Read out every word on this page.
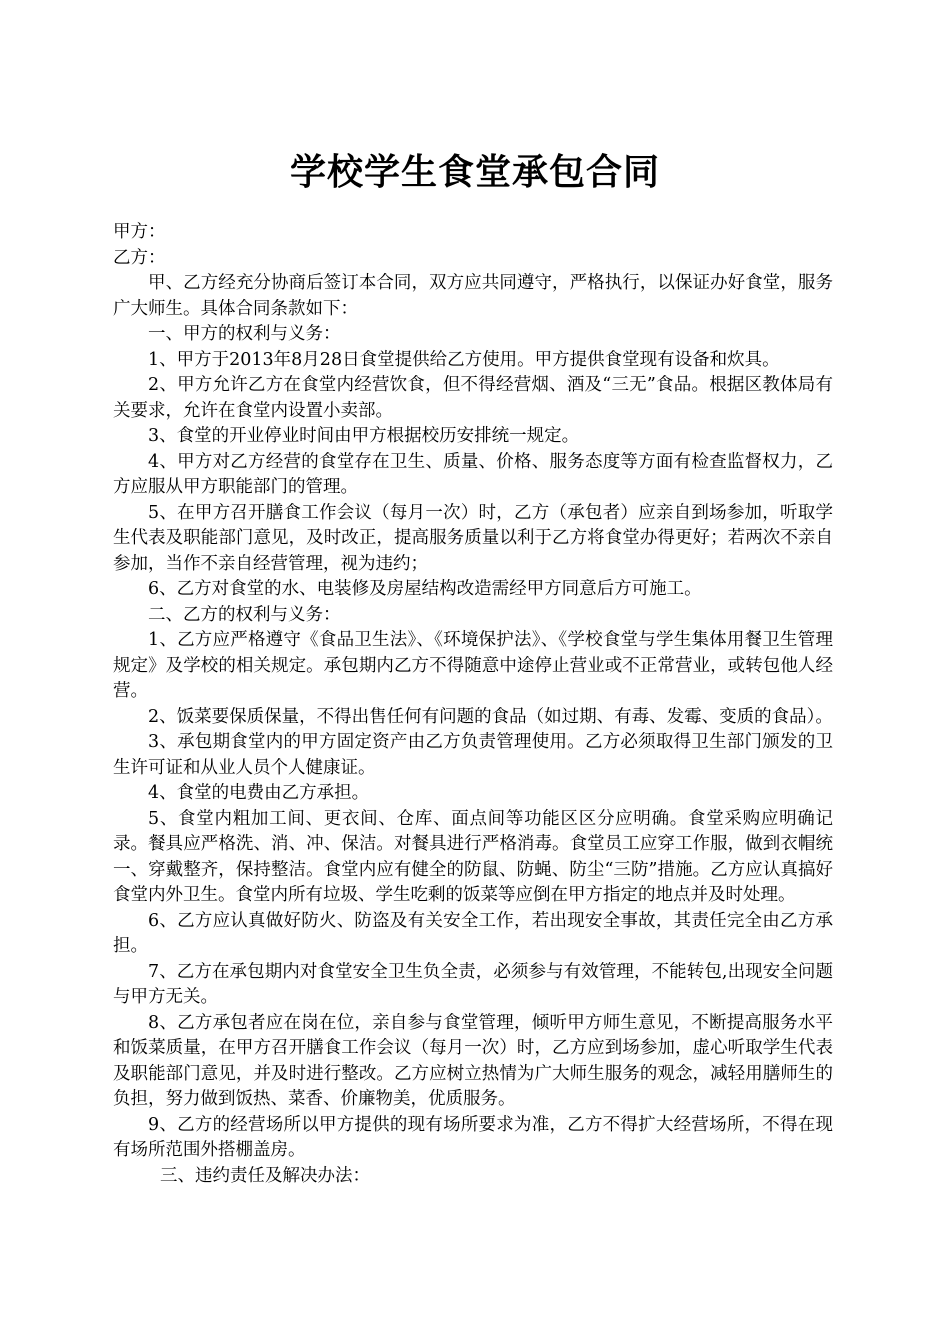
学校学生食堂承包合同

甲方：

乙方：

甲、乙方经充分协商后签订本合同，双方应共同遵守，严格执行，以保证办好食堂，服务广大师生。具体合同条款如下：

一、甲方的权利与义务：

1、甲方于2013年8月28日食堂提供给乙方使用。甲方提供食堂现有设备和炊具。

2、甲方允许乙方在食堂内经营饮食，但不得经营烟、酒及“三无”食品。根据区教体局有关要求，允许在食堂内设置小卖部。

3、食堂的开业停业时间由甲方根据校历安排统一规定。

4、甲方对乙方经营的食堂存在卫生、质量、价格、服务态度等方面有检查监督权力，乙方应服从甲方职能部门的管理。

5、在甲方召开膳食工作会议（每月一次）时，乙方（承包者）应亲自到场参加，听取学生代表及职能部门意见，及时改正，提高服务质量以利于乙方将食堂办得更好；若两次不亲自参加，当作不亲自经营管理，视为违约；

6、乙方对食堂的水、电装修及房屋结构改造需经甲方同意后方可施工。

二、乙方的权利与义务：

1、乙方应严格遵守《食品卫生法》、《环境保护法》、《学校食堂与学生集体用餐卫生管理规定》及学校的相关规定。承包期内乙方不得随意中途停止营业或不正常营业，或转包他人经营。

2、饭菜要保质保量，不得出售任何有问题的食品（如过期、有毒、发霉、变质的食品）。

3、承包期食堂内的甲方固定资产由乙方负责管理使用。乙方必须取得卫生部门颁发的卫生许可证和从业人员个人健康证。

4、食堂的电费由乙方承担。

5、食堂内粗加工间、更衣间、仓库、面点间等功能区区分应明确。食堂采购应明确记录。餐具应严格洗、消、冲、保洁。对餐具进行严格消毒。食堂员工应穿工作服，做到衣帽统一、穿戴整齐，保持整洁。食堂内应有健全的防鼠、防蝇、防尘“三防”措施。乙方应认真搞好食堂内外卫生。食堂内所有垃圾、学生吃剩的饭菜等应倒在甲方指定的地点并及时处理。

6、乙方应认真做好防火、防盗及有关安全工作，若出现安全事故，其责任完全由乙方承担。

7、乙方在承包期内对食堂安全卫生负全责，必须参与有效管理，不能转包,出现安全问题与甲方无关。

8、乙方承包者应在岗在位，亲自参与食堂管理，倾听甲方师生意见，不断提高服务水平和饭菜质量，在甲方召开膳食工作会议（每月一次）时，乙方应到场参加，虚心听取学生代表及职能部门意见，并及时进行整改。乙方应树立热情为广大师生服务的观念，减轻用膳师生的负担，努力做到饭热、菜香、价廉物美，优质服务。

9、乙方的经营场所以甲方提供的现有场所要求为准，乙方不得扩大经营场所，不得在现有场所范围外搭棚盖房。

三、违约责任及解决办法：
